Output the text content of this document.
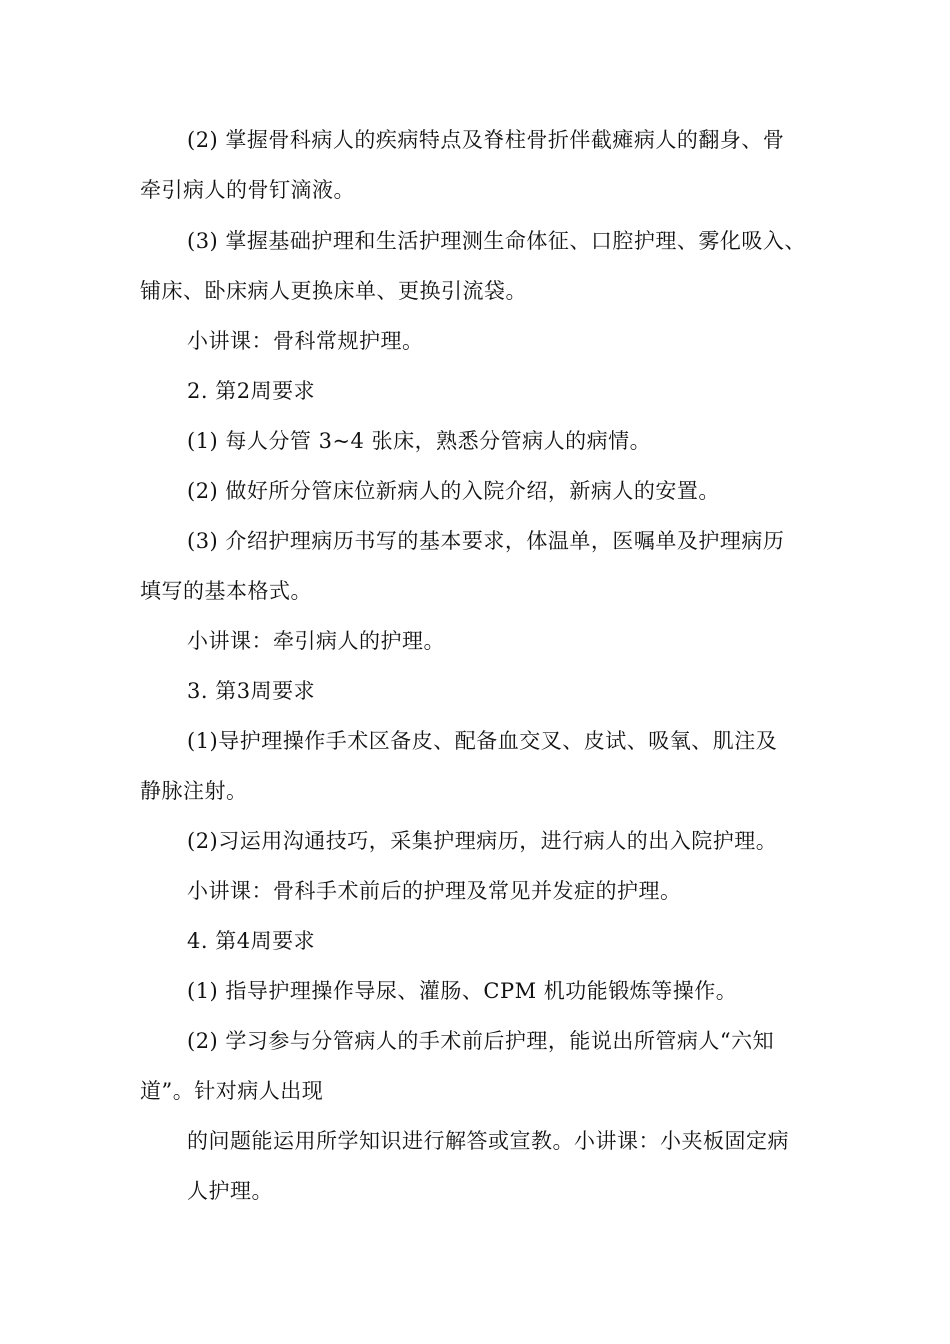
(2) 掌握骨科病人的疾病特点及脊柱骨折伴截瘫病人的翻身、骨
牵引病人的骨钉滴液。
(3) 掌握基础护理和生活护理测生命体征、口腔护理、雾化吸入、
铺床、卧床病人更换床单、更换引流袋。
小讲课：骨科常规护理。
2. 第2周要求
(1) 每人分管 3~4 张床，熟悉分管病人的病情。
(2) 做好所分管床位新病人的入院介绍，新病人的安置。
(3) 介绍护理病历书写的基本要求，体温单，医嘱单及护理病历
填写的基本格式。
小讲课：牵引病人的护理。
3. 第3周要求
(1)导护理操作手术区备皮、配备血交叉、皮试、吸氧、肌注及
静脉注射。
(2)习运用沟通技巧，采集护理病历，进行病人的出入院护理。
小讲课：骨科手术前后的护理及常见并发症的护理。
4. 第4周要求
(1) 指导护理操作导尿、灌肠、CPM 机功能锻炼等操作。
(2) 学习参与分管病人的手术前后护理，能说出所管病人“六知
道”。针对病人出现
的问题能运用所学知识进行解答或宣教。小讲课：小夹板固定病
人护理。
